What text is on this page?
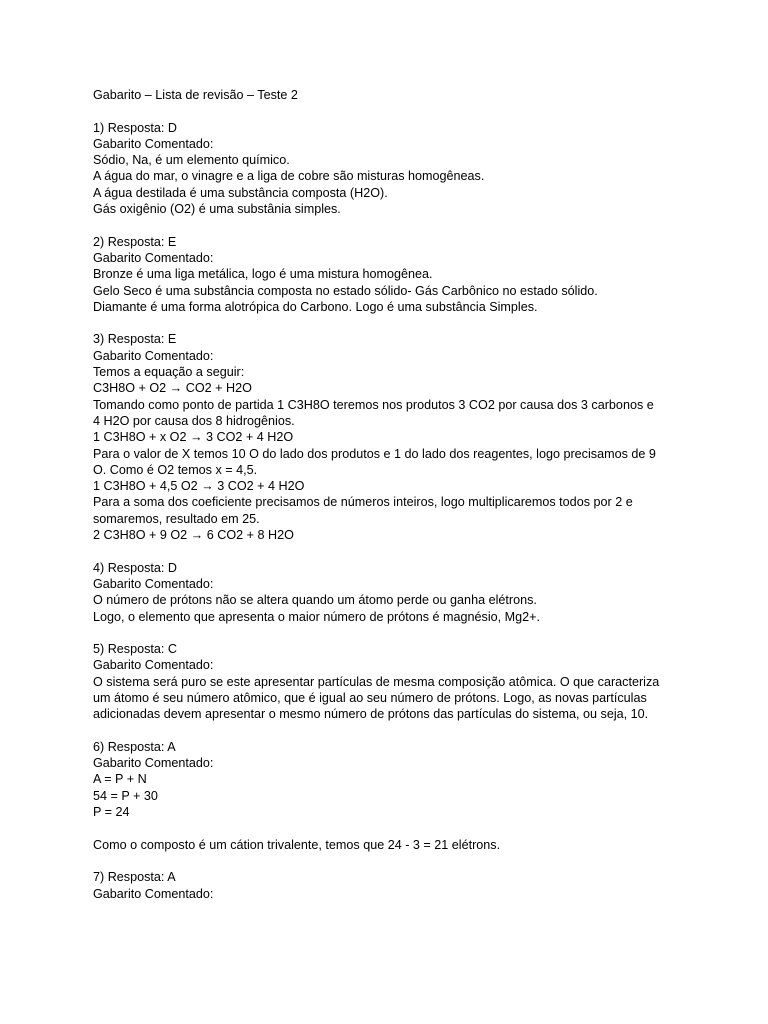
Gabarito – Lista de revisão – Teste 2
1) Resposta: D
Gabarito Comentado:
Sódio, Na, é um elemento químico.
A água do mar, o vinagre e a liga de cobre são misturas homogêneas.
A água destilada é uma substância composta (H2O).
Gás oxigênio (O2) é uma substânia simples.
2) Resposta: E
Gabarito Comentado:
Bronze é uma liga metálica, logo é uma mistura homogênea.
Gelo Seco é uma substância composta no estado sólido- Gás Carbônico no estado sólido.
Diamante é uma forma alotrópica do Carbono. Logo é uma substância Simples.
3) Resposta: E
Gabarito Comentado:
Temos a equação a seguir:
C3H8O + O2 → CO2 + H2O
Tomando como ponto de partida 1 C3H8O teremos nos produtos 3 CO2 por causa dos 3 carbonos e
4 H2O por causa dos 8 hidrogênios.
1 C3H8O + x O2 → 3 CO2 + 4 H2O
Para o valor de X temos 10 O do lado dos produtos e 1 do lado dos reagentes, logo precisamos de 9
O. Como é O2 temos x = 4,5.
1 C3H8O + 4,5 O2 → 3 CO2 + 4 H2O
Para a soma dos coeficiente precisamos de números inteiros, logo multiplicaremos todos por 2 e
somaremos, resultado em 25.
2 C3H8O + 9 O2 → 6 CO2 + 8 H2O
4) Resposta: D
Gabarito Comentado:
O número de prótons não se altera quando um átomo perde ou ganha elétrons.
Logo, o elemento que apresenta o maior número de prótons é magnésio, Mg2+.
5) Resposta: C
Gabarito Comentado:
O sistema será puro se este apresentar partículas de mesma composição atômica. O que caracteriza
um átomo é seu número atômico, que é igual ao seu número de prótons. Logo, as novas partículas
adicionadas devem apresentar o mesmo número de prótons das partículas do sistema, ou seja, 10.
6) Resposta: A
Gabarito Comentado:
A = P + N
54 = P + 30
P = 24
Como o composto é um cátion trivalente, temos que 24 - 3 = 21 elétrons.
7) Resposta: A
Gabarito Comentado:
